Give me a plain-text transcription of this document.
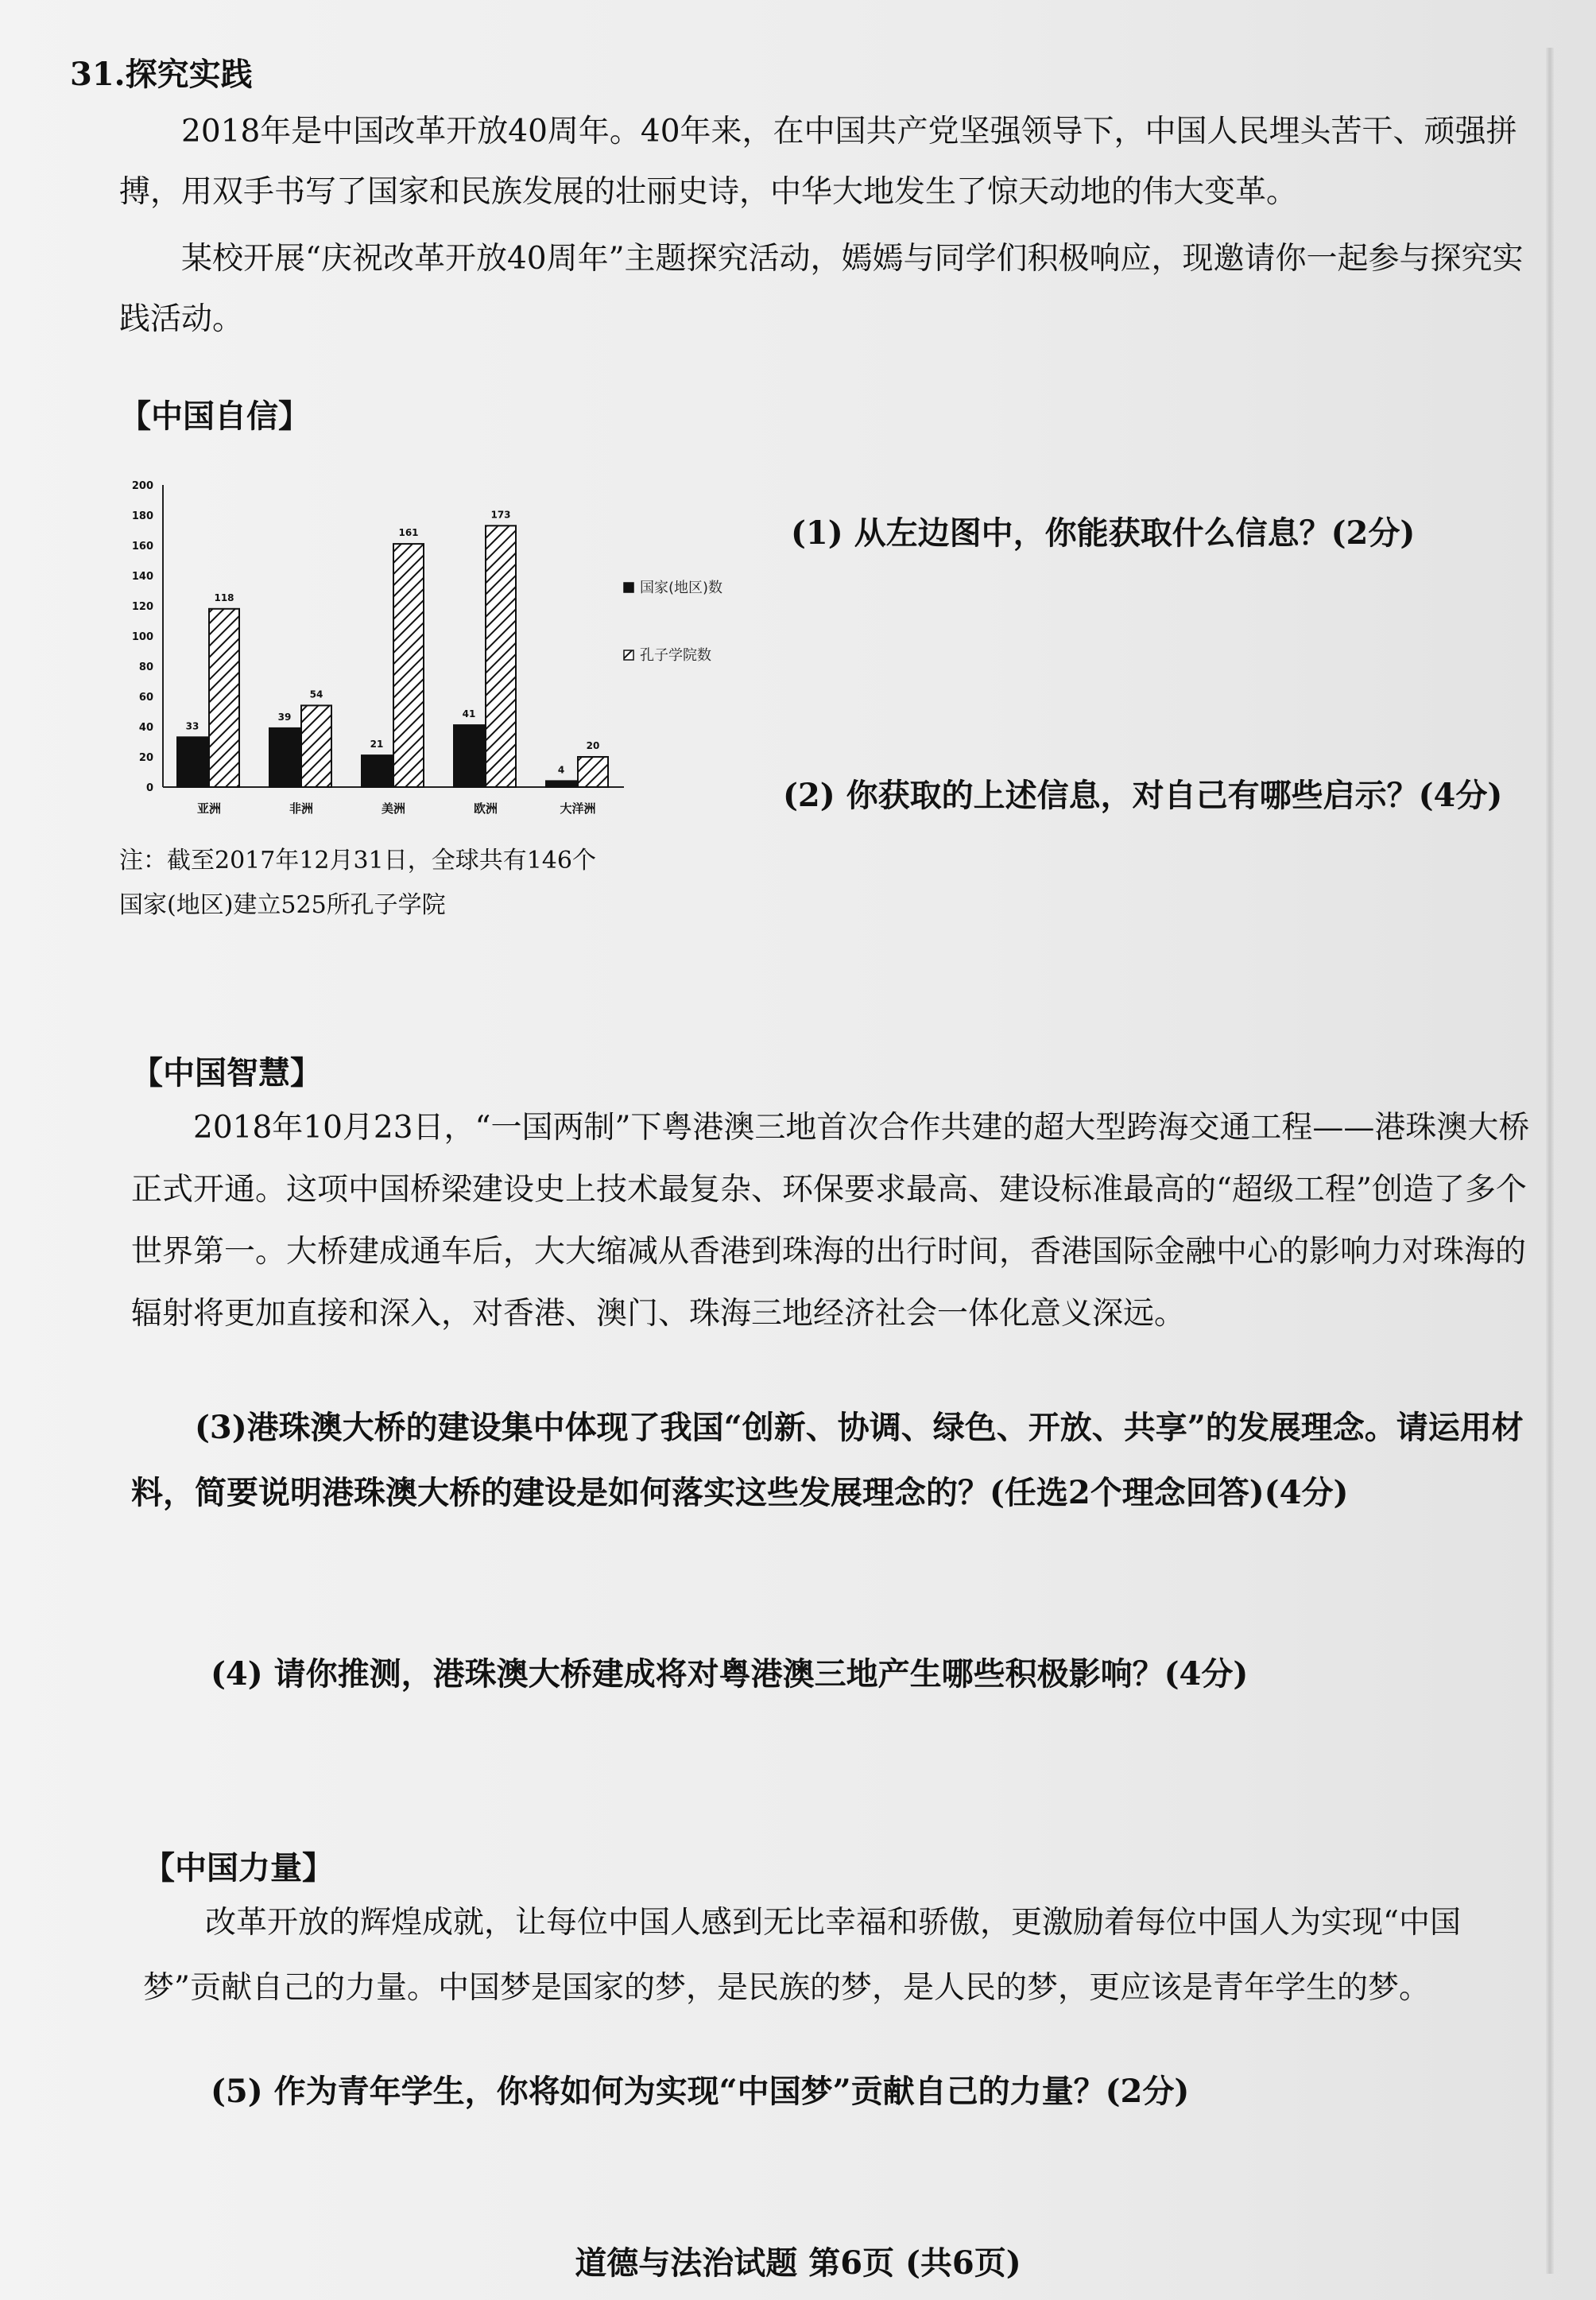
31.探究实践

2018年是中国改革开放40周年。40年来，在中国共产党坚强领导下，中国人民埋头苦干、顽强拼搏，用双手书写了国家和民族发展的壮丽史诗，中华大地发生了惊天动地的伟大变革。

某校开展“庆祝改革开放40周年”主题探究活动，嫣嫣与同学们积极响应，现邀请你一起参与探究实践活动。

【中国自信】
0
20
40
60
80
100
120
140
160
180
200
33
118
39
54
21
161
41
173
4
20
亚洲	非洲	美洲	欧洲	大洋洲
国家(地区)数
孔子学院数
(1) 从左边图中，你能获取什么信息？(2分)
(2) 你获取的上述信息，对自己有哪些启示？(4分)
注：截至2017年12月31日，全球共有146个
国家(地区)建立525所孔子学院
【中国智慧】

2018年10月23日，“一国两制”下粤港澳三地首次合作共建的超大型跨海交通工程——港珠澳大桥正式开通。这项中国桥梁建设史上技术最复杂、环保要求最高、建设标准最高的“超级工程”创造了多个世界第一。大桥建成通车后，大大缩减从香港到珠海的出行时间，香港国际金融中心的影响力对珠海的辐射将更加直接和深入，对香港、澳门、珠海三地经济社会一体化意义深远。

(3)港珠澳大桥的建设集中体现了我国“创新、协调、绿色、开放、共享”的发展理念。请运用材料，简要说明港珠澳大桥的建设是如何落实这些发展理念的？(任选2个理念回答)(4分)
(4) 请你推测，港珠澳大桥建成将对粤港澳三地产生哪些积极影响？(4分)
【中国力量】

改革开放的辉煌成就，让每位中国人感到无比幸福和骄傲，更激励着每位中国人为实现“中国梦”贡献自己的力量。中国梦是国家的梦，是民族的梦，是人民的梦，更应该是青年学生的梦。

(5) 作为青年学生，你将如何为实现“中国梦”贡献自己的力量？(2分)
道德与法治试题 第6页 (共6页)
